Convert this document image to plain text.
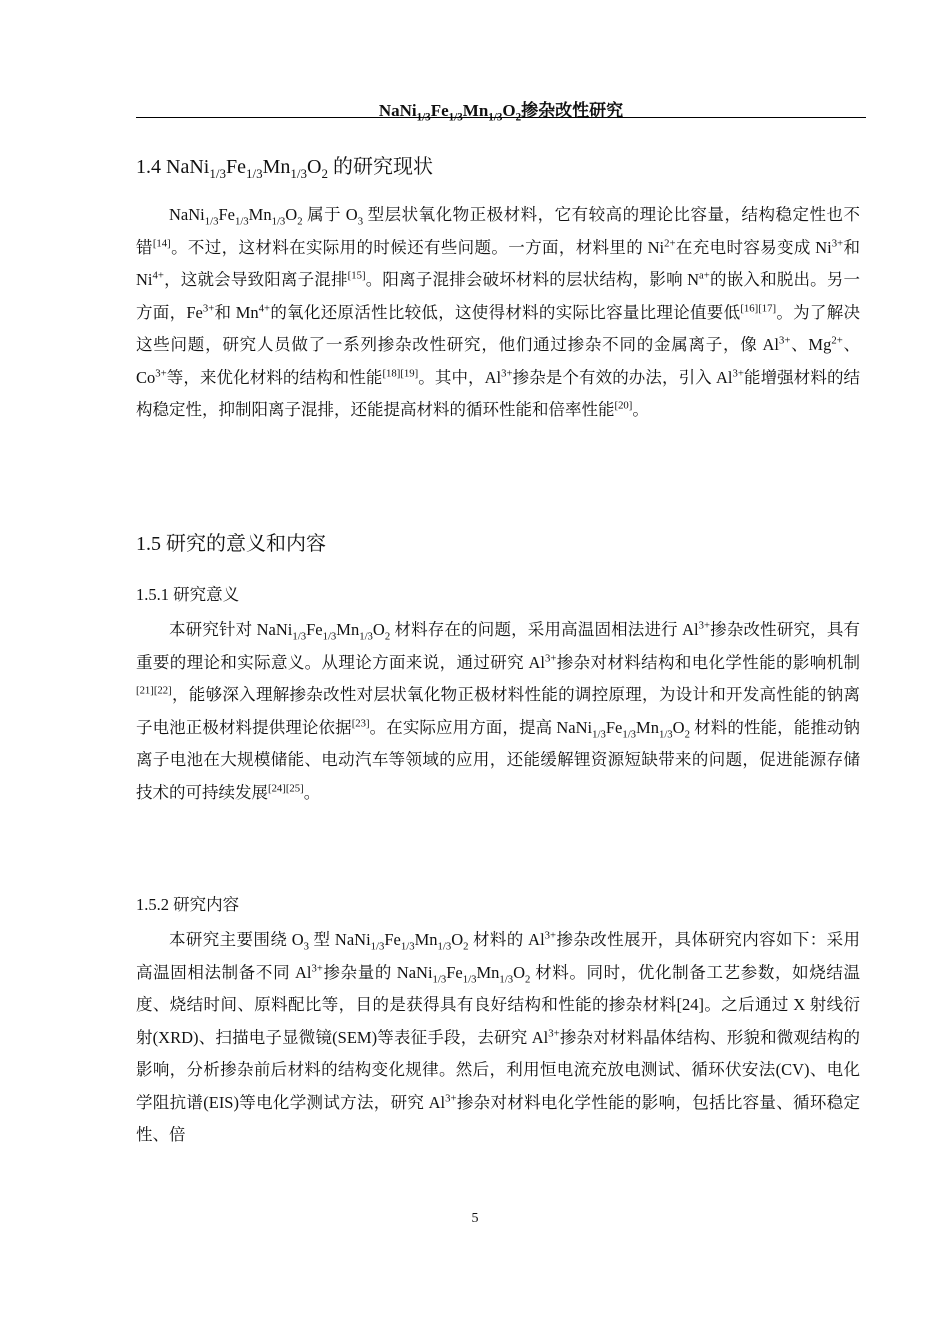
$NaNi_{1/3}Fe_{1/3}Mn_{1/3}O_2$掺杂改性研究
1.4 $NaNi_{1/3}Fe_{1/3}Mn_{1/3}O_2$ 的研究现状

$NaNi_{1/3}Fe_{1/3}Mn_{1/3}O_2$ 属于 $O_3$ 型层状氧化物正极材料，它有较高的理论比容量，结构稳定性也不错[14]。不过，这材料在实际用的时候还有些问题。一方面，材料里的 $Ni^{2+}$在充电时容易变成 $Ni^{3+}$和 $Ni^{4+}$，这就会导致阳离子混排[15]。阳离子混排会破坏材料的层状结构，影响 $N^{a+}$的嵌入和脱出。另一方面，$Fe^{3+}$和 $Mn^{4+}$的氧化还原活性比较低，这使得材料的实际比容量比理论值要低[16][17]。为了解决这些问题，研究人员做了一系列掺杂改性研究，他们通过掺杂不同的金属离子，像 $Al^{3+}$、$Mg^{2+}$、$Co^{3+}$等，来优化材料的结构和性能[18][19]。其中，$Al^{3+}$掺杂是个有效的办法，引入 $Al^{3+}$能增强材料的结构稳定性，抑制阳离子混排，还能提高材料的循环性能和倍率性能[20]。

1.5 研究的意义和内容
1.5.1 研究意义

本研究针对 $NaNi_{1/3}Fe_{1/3}Mn_{1/3}O_2$ 材料存在的问题，采用高温固相法进行 $Al^{3+}$掺杂改性研究，具有重要的理论和实际意义。从理论方面来说，通过研究 $Al^{3+}$掺杂对材料结构和电化学性能的影响机制[21][22]，能够深入理解掺杂改性对层状氧化物正极材料性能的调控原理，为设计和开发高性能的钠离子电池正极材料提供理论依据[23]。在实际应用方面，提高 $NaNi_{1/3}Fe_{1/3}Mn_{1/3}O_2$ 材料的性能，能推动钠离子电池在大规模储能、电动汽车等领域的应用，还能缓解锂资源短缺带来的问题，促进能源存储技术的可持续发展[24][25]。

1.5.2 研究内容

本研究主要围绕 $O_3$ 型 $NaNi_{1/3}Fe_{1/3}Mn_{1/3}O_2$ 材料的 $Al^{3+}$掺杂改性展开，具体研究内容如下：采用高温固相法制备不同 $Al^{3+}$掺杂量的 $NaNi_{1/3}Fe_{1/3}Mn_{1/3}O_2$ 材料。同时，优化制备工艺参数，如烧结温度、烧结时间、原料配比等，目的是获得具有良好结构和性能的掺杂材料[24]。之后通过 X 射线衍射(XRD)、扫描电子显微镜(SEM)等表征手段，去研究 $Al^{3+}$掺杂对材料晶体结构、形貌和微观结构的影响，分析掺杂前后材料的结构变化规律。然后，利用恒电流充放电测试、循环伏安法(CV)、电化学阻抗谱(EIS)等电化学测试方法，研究 $Al^{3+}$掺杂对材料电化学性能的影响，包括比容量、循环稳定性、倍

5
